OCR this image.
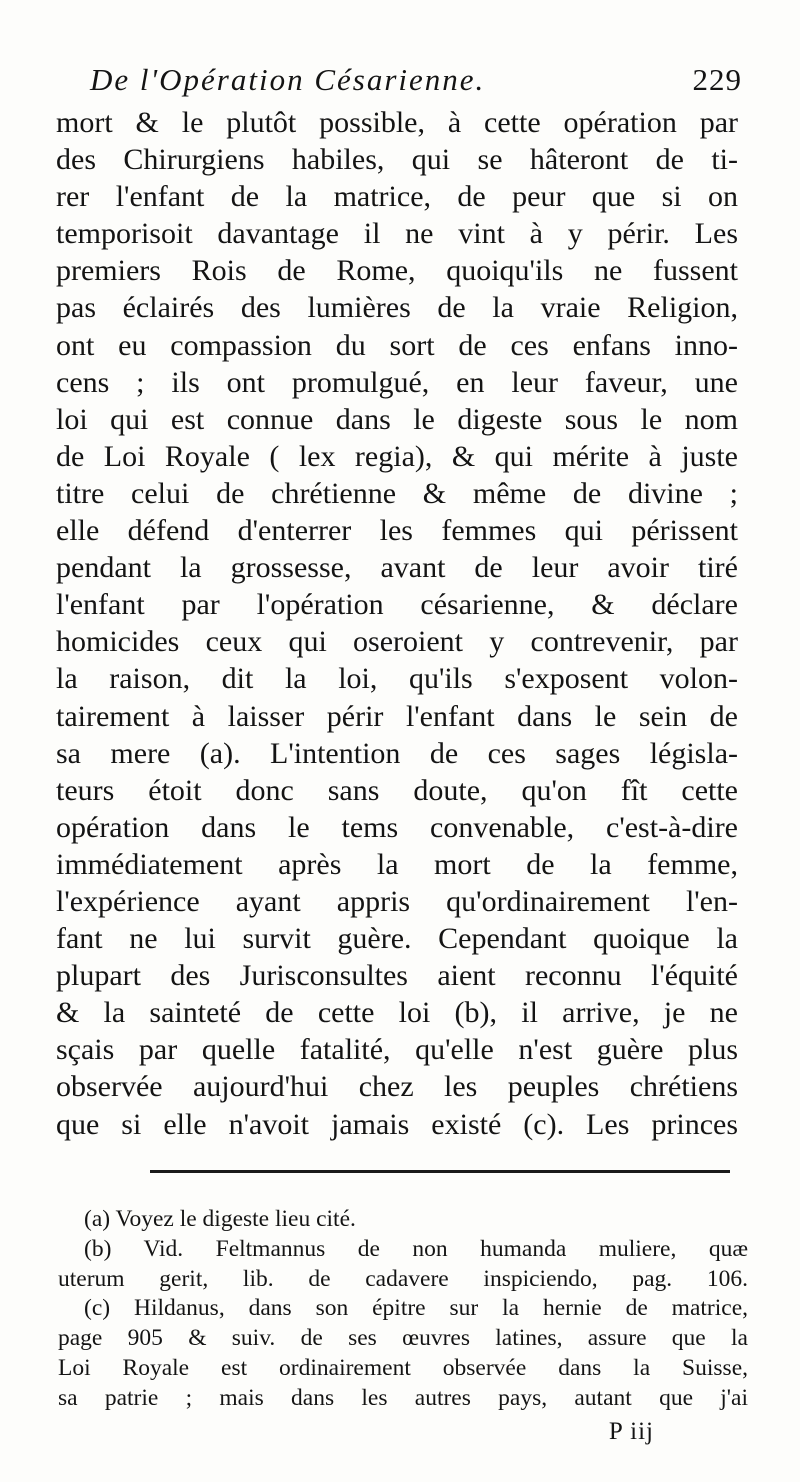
De l'Opération Césarienne.	229
mort & le plutôt possible, à cette opération par
des Chirurgiens habiles, qui se hâteront de ti-
rer l'enfant de la matrice, de peur que si on
temporisoit davantage il ne vint à y périr. Les
premiers Rois de Rome, quoiqu'ils ne fussent
pas éclairés des lumières de la vraie Religion,
ont eu compassion du sort de ces enfans inno-
cens ; ils ont promulgué, en leur faveur, une
loi qui est connue dans le digeste sous le nom
de Loi Royale ( lex regia), & qui mérite à juste
titre celui de chrétienne & même de divine ;
elle défend d'enterrer les femmes qui périssent
pendant la grossesse, avant de leur avoir tiré
l'enfant par l'opération césarienne, & déclare
homicides ceux qui oseroient y contrevenir, par
la raison, dit la loi, qu'ils s'exposent volon-
tairement à laisser périr l'enfant dans le sein de
sa mere (a). L'intention de ces sages législa-
teurs étoit donc sans doute, qu'on fît cette
opération dans le tems convenable, c'est-à-dire
immédiatement après la mort de la femme,
l'expérience ayant appris qu'ordinairement l'en-
fant ne lui survit guère. Cependant quoique la
plupart des Jurisconsultes aient reconnu l'équité
& la sainteté de cette loi (b), il arrive, je ne
sçais par quelle fatalité, qu'elle n'est guère plus
observée aujourd'hui chez les peuples chrétiens
que si elle n'avoit jamais existé (c). Les princes
(a) Voyez le digeste lieu cité.
(b) Vid. Feltmannus de non humanda muliere, quæ
uterum gerit, lib. de cadavere inspiciendo, pag. 106.
(c) Hildanus, dans son épitre sur la hernie de matrice,
page 905 & suiv. de ses œuvres latines, assure que la
Loi Royale est ordinairement observée dans la Suisse,
sa patrie ; mais dans les autres pays, autant que j'ai
P iij
